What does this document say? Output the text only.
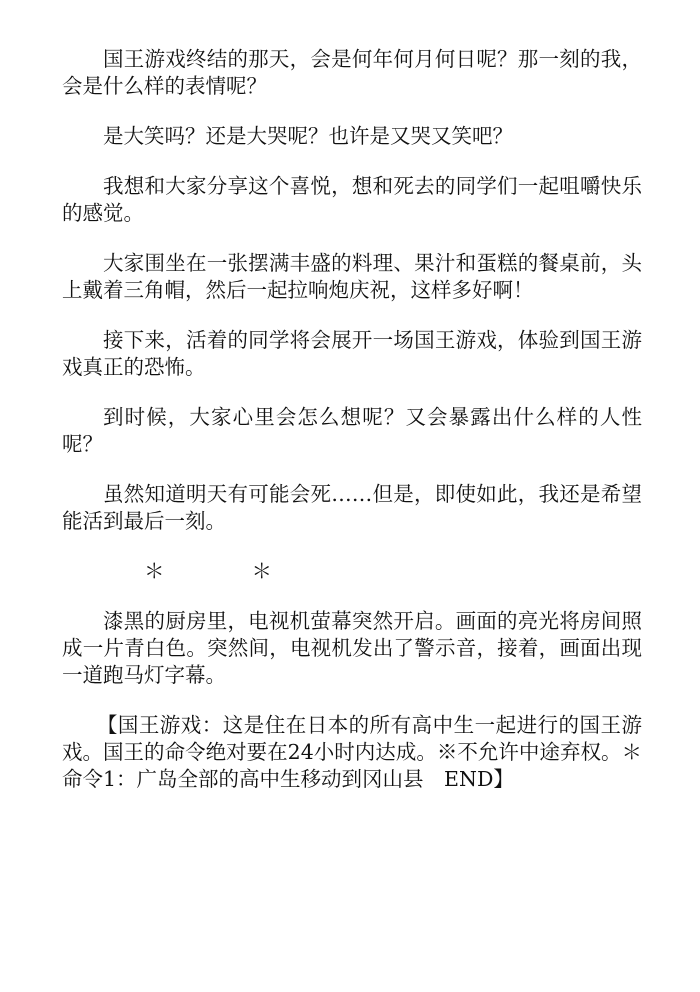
国王游戏终结的那天，会是何年何月何日呢？那一刻的我，会是什么样的表情呢？

是大笑吗？还是大哭呢？也许是又哭又笑吧？

我想和大家分享这个喜悦，想和死去的同学们一起咀嚼快乐的感觉。

大家围坐在一张摆满丰盛的料理、果汁和蛋糕的餐桌前，头上戴着三角帽，然后一起拉响炮庆祝，这样多好啊！

接下来，活着的同学将会展开一场国王游戏，体验到国王游戏真正的恐怖。

到时候，大家心里会怎么想呢？又会暴露出什么样的人性呢？

虽然知道明天有可能会死……但是，即使如此，我还是希望能活到最后一刻。

＊	＊

漆黑的厨房里，电视机萤幕突然开启。画面的亮光将房间照成一片青白色。突然间，电视机发出了警示音，接着，画面出现一道跑马灯字幕。

【国王游戏：这是住在日本的所有高中生一起进行的国王游戏。国王的命令绝对要在24小时内达成。※不允许中途弃权。＊命令1：广岛全部的高中生移动到冈山县　END】
